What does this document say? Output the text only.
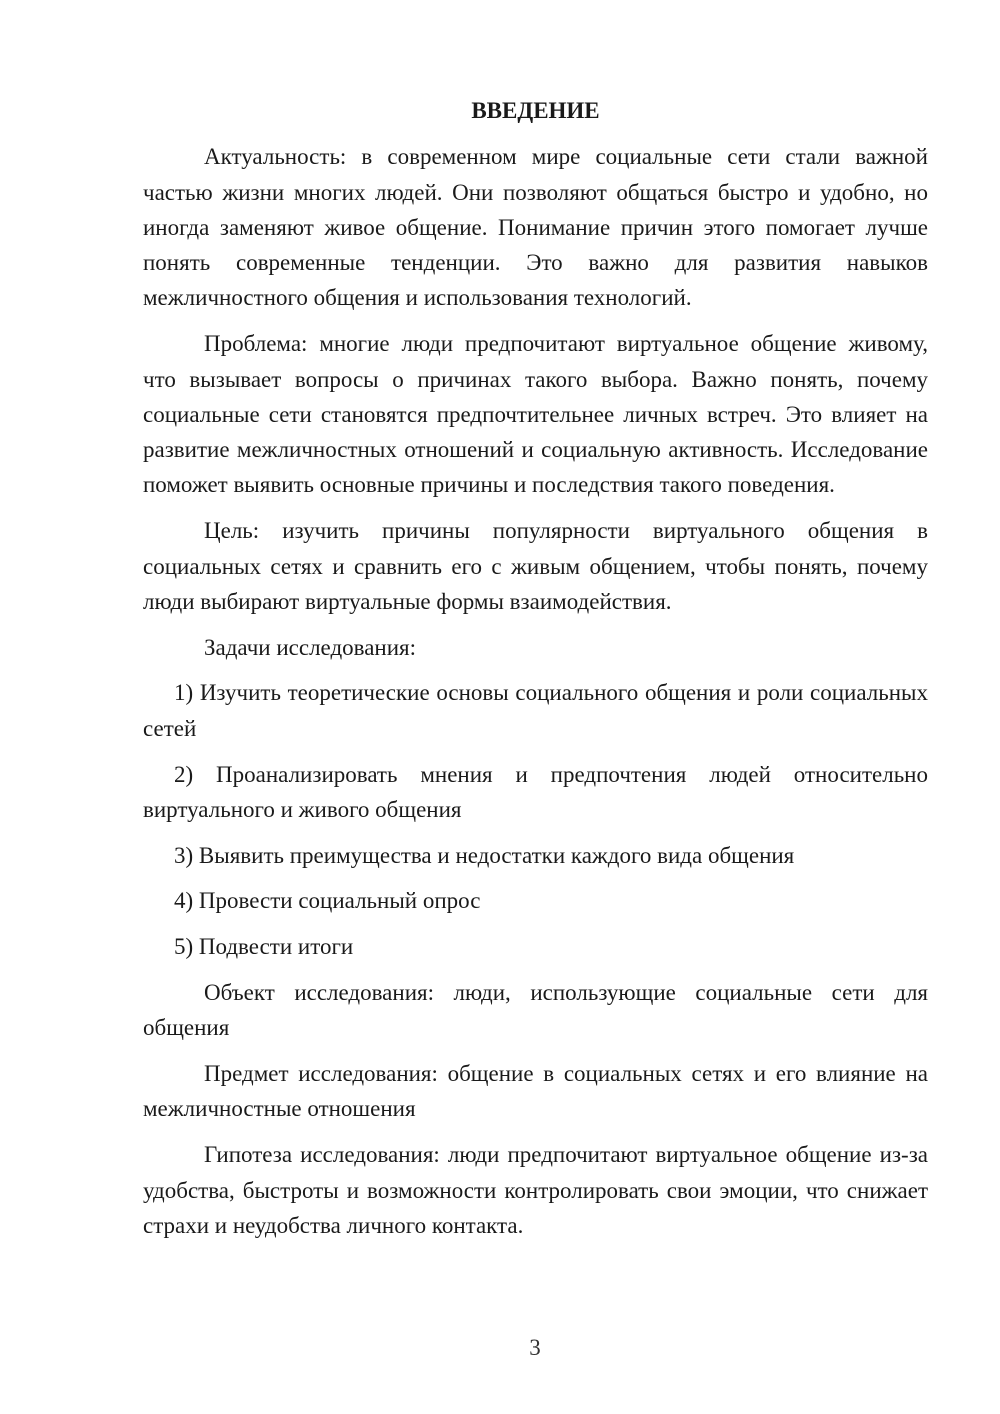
ВВЕДЕНИЕ

Актуальность: в современном мире социальные сети стали важной частью жизни многих людей. Они позволяют общаться быстро и удобно, но иногда заменяют живое общение. Понимание причин этого помогает лучше понять современные тенденции. Это важно для развития навыков межличностного общения и использования технологий.

Проблема: многие люди предпочитают виртуальное общение живому, что вызывает вопросы о причинах такого выбора. Важно понять, почему социальные сети становятся предпочтительнее личных встреч. Это влияет на развитие межличностных отношений и социальную активность. Исследование поможет выявить основные причины и последствия такого поведения.

Цель: изучить причины популярности виртуального общения в социальных сетях и сравнить его с живым общением, чтобы понять, почему люди выбирают виртуальные формы взаимодействия.

Задачи исследования:

1) Изучить теоретические основы социального общения и роли социальных сетей

2) Проанализировать мнения и предпочтения людей относительно виртуального и живого общения

3) Выявить преимущества и недостатки каждого вида общения

4) Провести социальный опрос

5) Подвести итоги

Объект исследования: люди, использующие социальные сети для общения

Предмет исследования: общение в социальных сетях и его влияние на межличностные отношения

Гипотеза исследования: люди предпочитают виртуальное общение из-за удобства, быстроты и возможности контролировать свои эмоции, что снижает страхи и неудобства личного контакта.

3
